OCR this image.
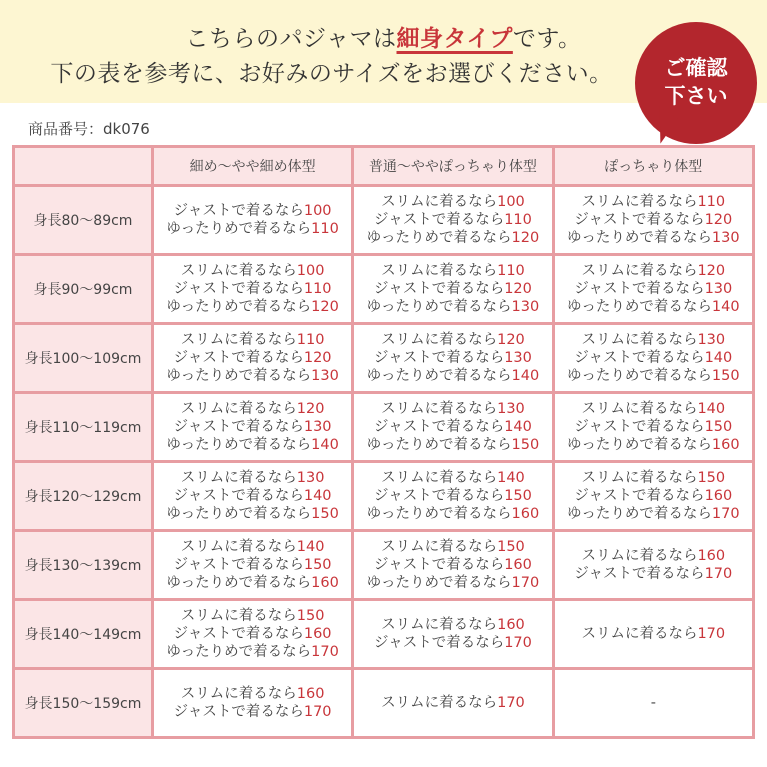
こちらのパジャマは細身タイプです。
下の表を参考に、お好みのサイズをお選びください。	ご確認
下さい
商品番号：dk076
	細め〜やや細め体型	普通〜ややぽっちゃり体型	ぽっちゃり体型
身長80〜89cm	ジャストで着るなら100
ゆったりめで着るなら110	スリムに着るなら100
ジャストで着るなら110
ゆったりめで着るなら120	スリムに着るなら110
ジャストで着るなら120
ゆったりめで着るなら130

身長90〜99cm	スリムに着るなら100
ジャストで着るなら110
ゆったりめで着るなら120	スリムに着るなら110
ジャストで着るなら120
ゆったりめで着るなら130	スリムに着るなら120
ジャストで着るなら130
ゆったりめで着るなら140

身長100〜109cm	スリムに着るなら110
ジャストで着るなら120
ゆったりめで着るなら130	スリムに着るなら120
ジャストで着るなら130
ゆったりめで着るなら140	スリムに着るなら130
ジャストで着るなら140
ゆったりめで着るなら150

身長110〜119cm	スリムに着るなら120
ジャストで着るなら130
ゆったりめで着るなら140	スリムに着るなら130
ジャストで着るなら140
ゆったりめで着るなら150	スリムに着るなら140
ジャストで着るなら150
ゆったりめで着るなら160

身長120〜129cm	スリムに着るなら130
ジャストで着るなら140
ゆったりめで着るなら150	スリムに着るなら140
ジャストで着るなら150
ゆったりめで着るなら160	スリムに着るなら150
ジャストで着るなら160
ゆったりめで着るなら170

身長130〜139cm	スリムに着るなら140
ジャストで着るなら150
ゆったりめで着るなら160	スリムに着るなら150
ジャストで着るなら160
ゆったりめで着るなら170	スリムに着るなら160
ジャストで着るなら170

身長140〜149cm	スリムに着るなら150
ジャストで着るなら160
ゆったりめで着るなら170	スリムに着るなら160
ジャストで着るなら170	スリムに着るなら170

身長150〜159cm	スリムに着るなら160
ジャストで着るなら170	スリムに着るなら170	-
